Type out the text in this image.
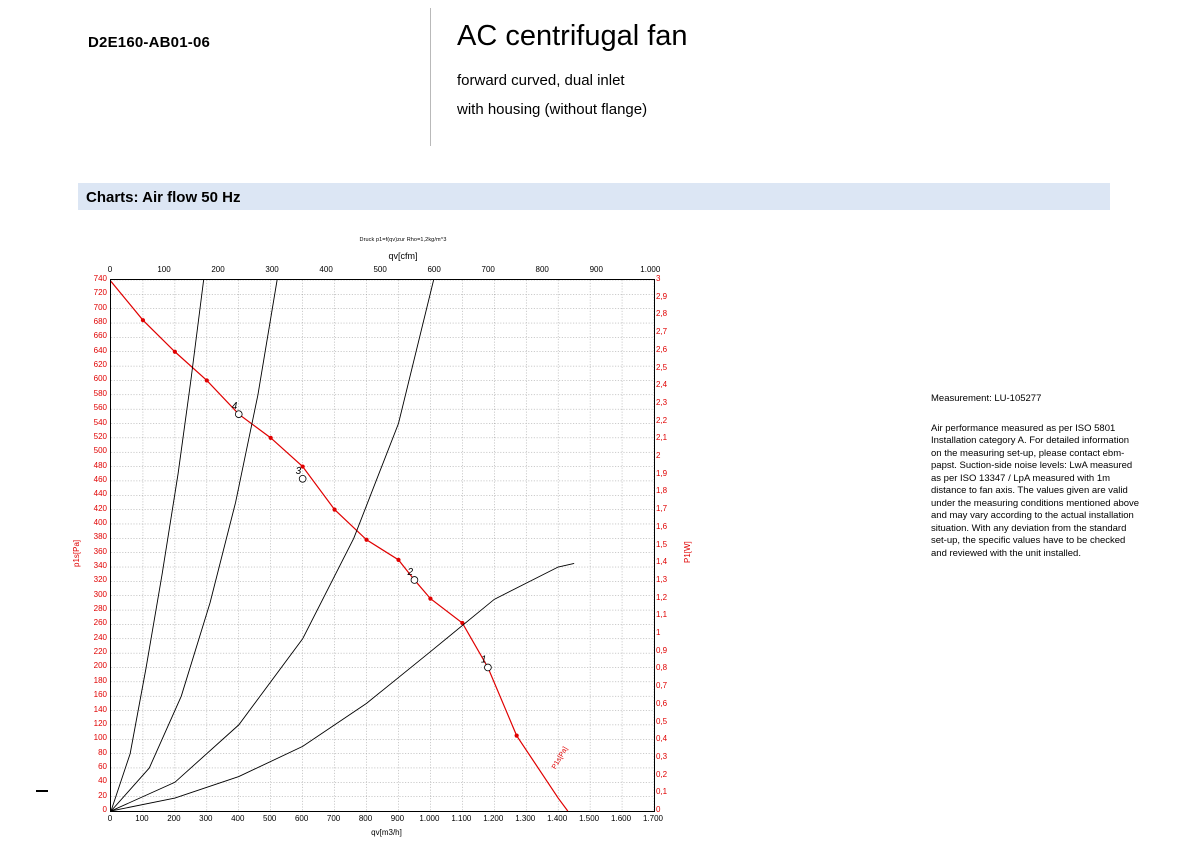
D2E160-AB01-06	AC centrifugal fan
forward curved, dual inlet
with housing (without flange)
Charts: Air flow 50 Hz

Measurement: LU-105277

Air performance measured as per ISO 5801 Installation category A. For detailed information on the measuring set-up, please contact ebm-papst. Suction-side noise levels: LwA measured as per ISO 13347 / LpA measured with 1m distance to fan axis. The values given are valid under the measuring conditions mentioned above and may vary according to the actual installation situation. With any deviation from the standard set-up, the specific values have to be checked and reviewed with the unit installed.

Druck p1=f(qv)zur Rho=1,2kg/m^3
qv[cfm]
1
2
3
4
0	100	200	300	400	500	600	700	800	900	1.000	1.100	1.200	1.300	1.400	1.500	1.600	1.700
0	100	200	300	400	500	600	700	800	900	1.000
0
20
40
60
80
100
120
140
160
180
200
220
240
260
280
300
320
340
360
380
400
420
440
460
480
500
520
540
560
580
600
620
640
660
680
700
720
740
0
0,1
0,2
0,3
0,4
0,5
0,6
0,7
0,8
0,9
1
1,1
1,2
1,3
1,4
1,5
1,6
1,7
1,8
1,9
2
2,1
2,2
2,3
2,4
2,5
2,6
2,7
2,8
2,9
3
qv[m3/h]
p1s[Pa]	P1[W]
P1s[Pa]
